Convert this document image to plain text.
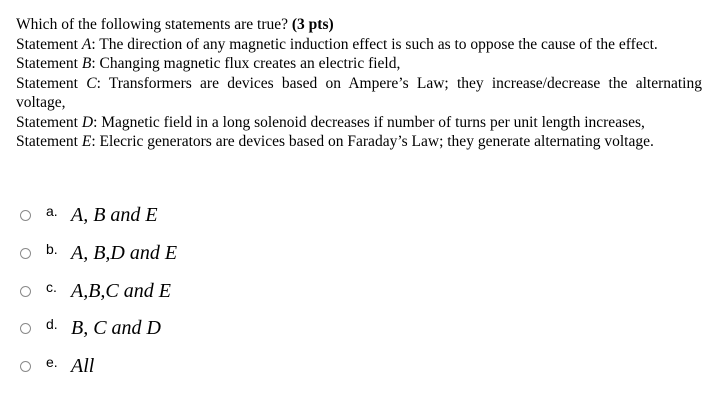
Which of the following statements are true? (3 pts)
Statement A: The direction of any magnetic induction effect is such as to oppose the cause of the effect.
Statement B: Changing magnetic flux creates an electric field,
Statement C: Transformers are devices based on Ampere’s Law; they increase/decrease the alternating voltage,
Statement D: Magnetic field in a long solenoid decreases if number of turns per unit length increases,
Statement E: Elecric generators are devices based on Faraday’s Law; they generate alternating voltage.
a. A, B and E
b. A, B,D and E
c. A,B,C and E
d. B, C and D
e. All
